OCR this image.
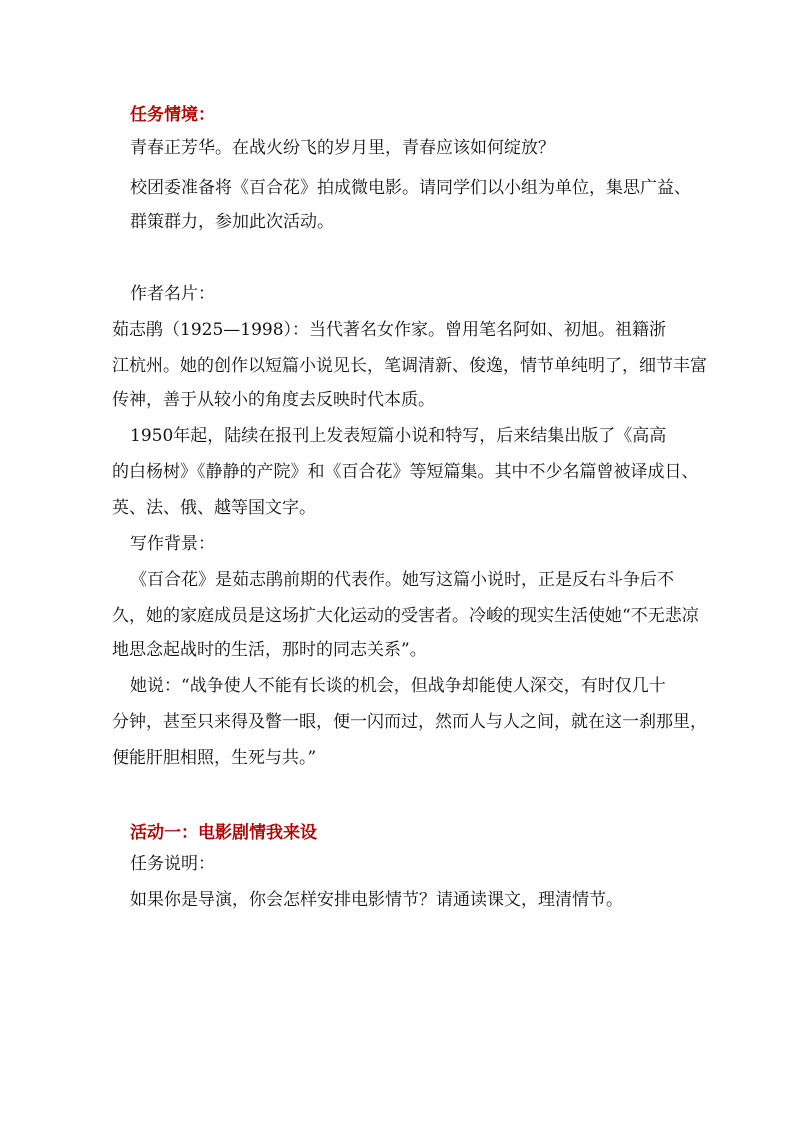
任务情境：
青春正芳华。在战火纷飞的岁月里，青春应该如何绽放？
校团委准备将《百合花》拍成微电影。请同学们以小组为单位，集思广益、
群策群力，参加此次活动。
作者名片：
茹志鹃（1925—1998）：当代著名女作家。曾用笔名阿如、初旭。祖籍浙
江杭州。她的创作以短篇小说见长，笔调清新、俊逸，情节单纯明了，细节丰富
传神，善于从较小的角度去反映时代本质。
1950年起，陆续在报刊上发表短篇小说和特写，后来结集出版了《高高
的白杨树》《静静的产院》和《百合花》等短篇集。其中不少名篇曾被译成日、
英、法、俄、越等国文字。
写作背景：
《百合花》是茹志鹃前期的代表作。她写这篇小说时，正是反右斗争后不
久，她的家庭成员是这场扩大化运动的受害者。冷峻的现实生活使她“不无悲凉
地思念起战时的生活，那时的同志关系”。
她说：“战争使人不能有长谈的机会，但战争却能使人深交，有时仅几十
分钟，甚至只来得及瞥一眼，便一闪而过，然而人与人之间，就在这一刹那里，
便能肝胆相照，生死与共。”
活动一：电影剧情我来设
任务说明：
如果你是导演，你会怎样安排电影情节？请通读课文，理清情节。
